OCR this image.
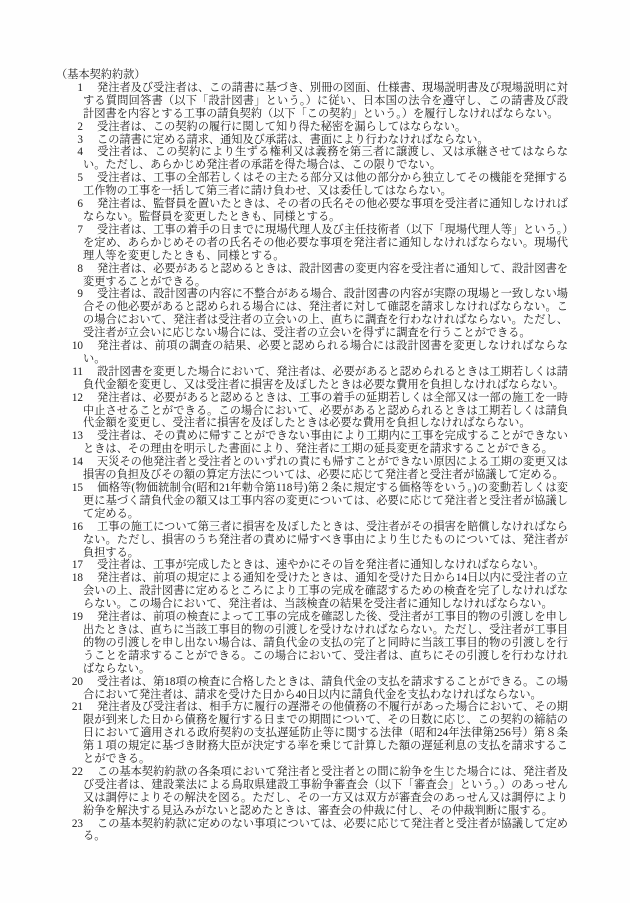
（基本契約約款）

1 発注者及び受注者は、この請書に基づき、別冊の図面、仕様書、現場説明書及び現場説明に対する質問回答書（以下「設計図書」という。）に従い、日本国の法令を遵守し、この請書及び設計図書を内容とする工事の請負契約（以下「この契約」という。）を履行しなければならない。

2 受注者は、この契約の履行に関して知り得た秘密を漏らしてはならない。

3 この請書に定める請求、通知及び承諾は、書面により行わなければならない。

4 受注者は、この契約により生ずる権利又は義務を第三者に譲渡し、又は承継させてはならない。ただし、あらかじめ発注者の承諾を得た場合は、この限りでない。

5 受注者は、工事の全部若しくはその主たる部分又は他の部分から独立してその機能を発揮する工作物の工事を一括して第三者に請け負わせ、又は委任してはならない。

6 発注者は、監督員を置いたときは、その者の氏名その他必要な事項を受注者に通知しなければならない。監督員を変更したときも、同様とする。

7 受注者は、工事の着手の日までに現場代理人及び主任技術者（以下「現場代理人等」という。）を定め、あらかじめその者の氏名その他必要な事項を発注者に通知しなければならない。現場代理人等を変更したときも、同様とする。

8 発注者は、必要があると認めるときは、設計図書の変更内容を受注者に通知して、設計図書を変更することができる。

9 受注者は、設計図書の内容に不整合がある場合、設計図書の内容が実際の現場と一致しない場合その他必要があると認められる場合には、発注者に対して確認を請求しなければならない。この場合において、発注者は受注者の立会いの上、直ちに調査を行わなければならない。ただし、受注者が立会いに応じない場合には、受注者の立会いを得ずに調査を行うことができる。

10 発注者は、前項の調査の結果、必要と認められる場合には設計図書を変更しなければならない。

11 設計図書を変更した場合において、発注者は、必要があると認められるときは工期若しくは請負代金額を変更し、又は受注者に損害を及ぼしたときは必要な費用を負担しなければならない。

12 発注者は、必要があると認めるときは、工事の着手の延期若しくは全部又は一部の施工を一時中止させることができる。この場合において、必要があると認められるときは工期若しくは請負代金額を変更し、受注者に損害を及ぼしたときは必要な費用を負担しなければならない。

13 受注者は、その責めに帰すことができない事由により工期内に工事を完成することができないときは、その理由を明示した書面により、発注者に工期の延長変更を請求することができる。

14 天災その他発注者と受注者とのいずれの責にも帰すことができない原因による工期の変更又は損害の負担及びその額の算定方法については、必要に応じて発注者と受注者が協議して定める。

15 価格等(物価統制令(昭和21年勅令第118号)第２条に規定する価格等をいう。)の変動若しくは変更に基づく請負代金の額又は工事内容の変更については、必要に応じて発注者と受注者が協議して定める。

16 工事の施工について第三者に損害を及ぼしたときは、受注者がその損害を賠償しなければならない。ただし、損害のうち発注者の責めに帰すべき事由により生じたものについては、発注者が負担する。

17 受注者は、工事が完成したときは、速やかにその旨を発注者に通知しなければならない。

18 発注者は、前項の規定による通知を受けたときは、通知を受けた日から14日以内に受注者の立会いの上、設計図書に定めるところにより工事の完成を確認するための検査を完了しなければならない。この場合において、発注者は、当該検査の結果を受注者に通知しなければならない。

19 発注者は、前項の検査によって工事の完成を確認した後、受注者が工事目的物の引渡しを申し出たときは、直ちに当該工事目的物の引渡しを受けなければならない。ただし、受注者が工事目的物の引渡しを申し出ない場合は、請負代金の支払の完了と同時に当該工事目的物の引渡しを行うことを請求することができる。この場合において、受注者は、直ちにその引渡しを行わなければならない。

20 受注者は、第18項の検査に合格したときは、請負代金の支払を請求することができる。この場合において発注者は、請求を受けた日から40日以内に請負代金を支払わなければならない。

21 発注者及び受注者は、相手方に履行の遅滞その他債務の不履行があった場合において、その期限が到来した日から債務を履行する日までの期間について、その日数に応じ、この契約の締結の日において適用される政府契約の支払遅延防止等に関する法律（昭和24年法律第256号）第８条第１項の規定に基づき財務大臣が決定する率を乗じて計算した額の遅延利息の支払を請求することができる。

22 この基本契約約款の各条項において発注者と受注者との間に紛争を生じた場合には、発注者及び受注者は、建設業法による鳥取県建設工事紛争審査会（以下「審査会」という。）のあっせん又は調停によりその解決を図る。ただし、その一方又は双方が審査会のあっせん又は調停により紛争を解決する見込みがないと認めたときは、審査会の仲裁に付し、その仲裁判断に服する。

23 この基本契約約款に定めのない事項については、必要に応じて発注者と受注者が協議して定める。
